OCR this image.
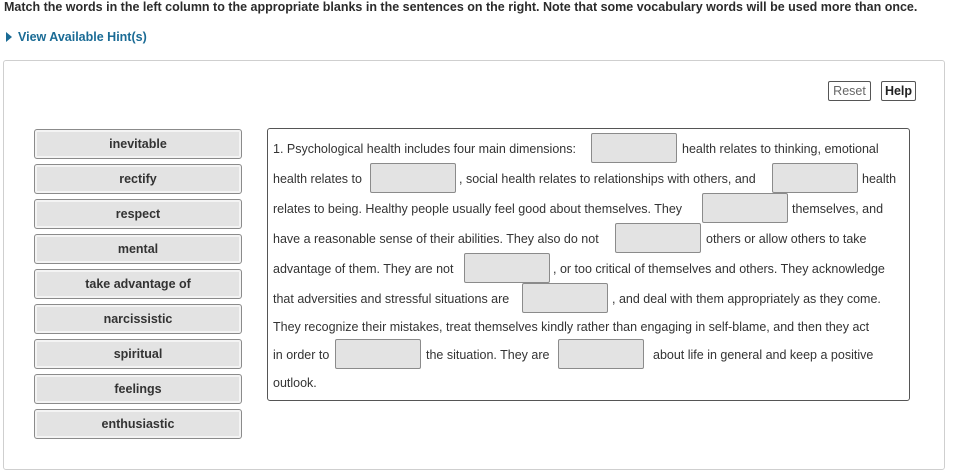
Match the words in the left column to the appropriate blanks in the sentences on the right. Note that some vocabulary words will be used more than once.
View Available Hint(s)
Reset	Help
inevitable
rectify
respect
mental
take advantage of
narcissistic
spiritual
feelings
enthusiastic
1. Psychological health includes four main dimensions:	health relates to thinking, emotional
health relates to	, social health relates to relationships with others, and	health
relates to being. Healthy people usually feel good about themselves. They	themselves, and
have a reasonable sense of their abilities. They also do not	others or allow others to take
advantage of them. They are not	, or too critical of themselves and others. They acknowledge
that adversities and stressful situations are	, and deal with them appropriately as they come.
They recognize their mistakes, treat themselves kindly rather than engaging in self-blame, and then they act
in order to	the situation. They are	about life in general and keep a positive
outlook.
